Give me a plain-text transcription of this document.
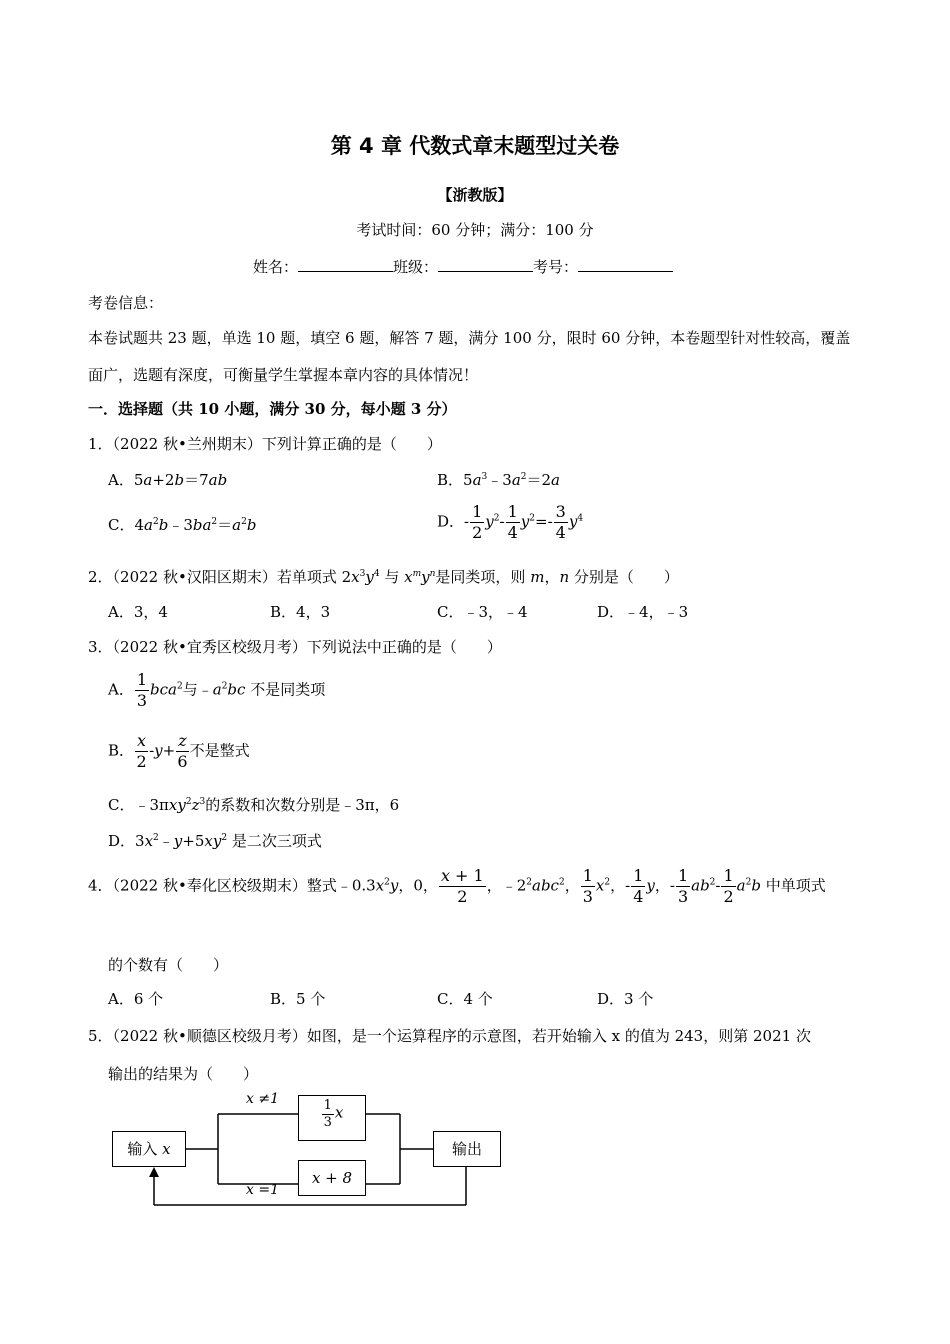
第 4 章 代数式章末题型过关卷
【浙教版】
考试时间：60 分钟；满分：100 分
姓名：	班级：	考号：
考卷信息：
本卷试题共 23 题，单选 10 题，填空 6 题，解答 7 题，满分 100 分，限时 60 分钟，本卷题型针对性较高，覆盖
面广，选题有深度，可衡量学生掌握本章内容的具体情况！
一．选择题（共 10 小题，满分 30 分，每小题 3 分）
1．（2022 秋•兰州期末）下列计算正确的是（　　）
A．5a+2b＝7ab	B．$5a^3﹣3a^2=2a$
C．$4a^2b﹣3ba^2=a^2b$	D．- $\frac{1}{2} y^2- \frac{1}{4} y^2=- \frac{3}{4} y^4$
2．（2022 秋•汉阳区期末）若单项式 $2x^3y^4$ 与 $x^my^n$是同类项，则 m，n 分别是（　　）
A．3，4	B．4，3	C．﹣3，﹣4	D．﹣4，﹣3
3．（2022 秋•宜秀区校级月考）下列说法中正确的是（　　）
A． $\frac{1}{3} bca^2$与$﹣a^2bc$ 不是同类项
B． $\frac{x}{2} -y+ \frac{z}{6}$ 不是整式
C．$﹣3\pi xy^2z^3$的系数和次数分别是﹣3π，6
D．$3x^2﹣y+5xy^2$ 是二次三项式
4．（2022 秋•奉化区校级期末）整式$﹣0.3x^2y$，0， $\frac{x + 1}{2}$ ，$﹣2^2abc^2$， $\frac{1}{3} x^2$，- $\frac{1}{4}$ y，- $\frac{1}{3} ab^2- \frac{1}{2} a^2b$ 中单项式
的个数有（　　）
A．6 个	B．5 个	C．4 个	D．3 个
5．（2022 秋•顺德区校级月考）如图，是一个运算程序的示意图，若开始输入 x 的值为 243，则第 2021 次
输出的结果为（　　）
输入 x
$\frac{1}{3}$ x
x + 8
输出
x ≠1
x =1
